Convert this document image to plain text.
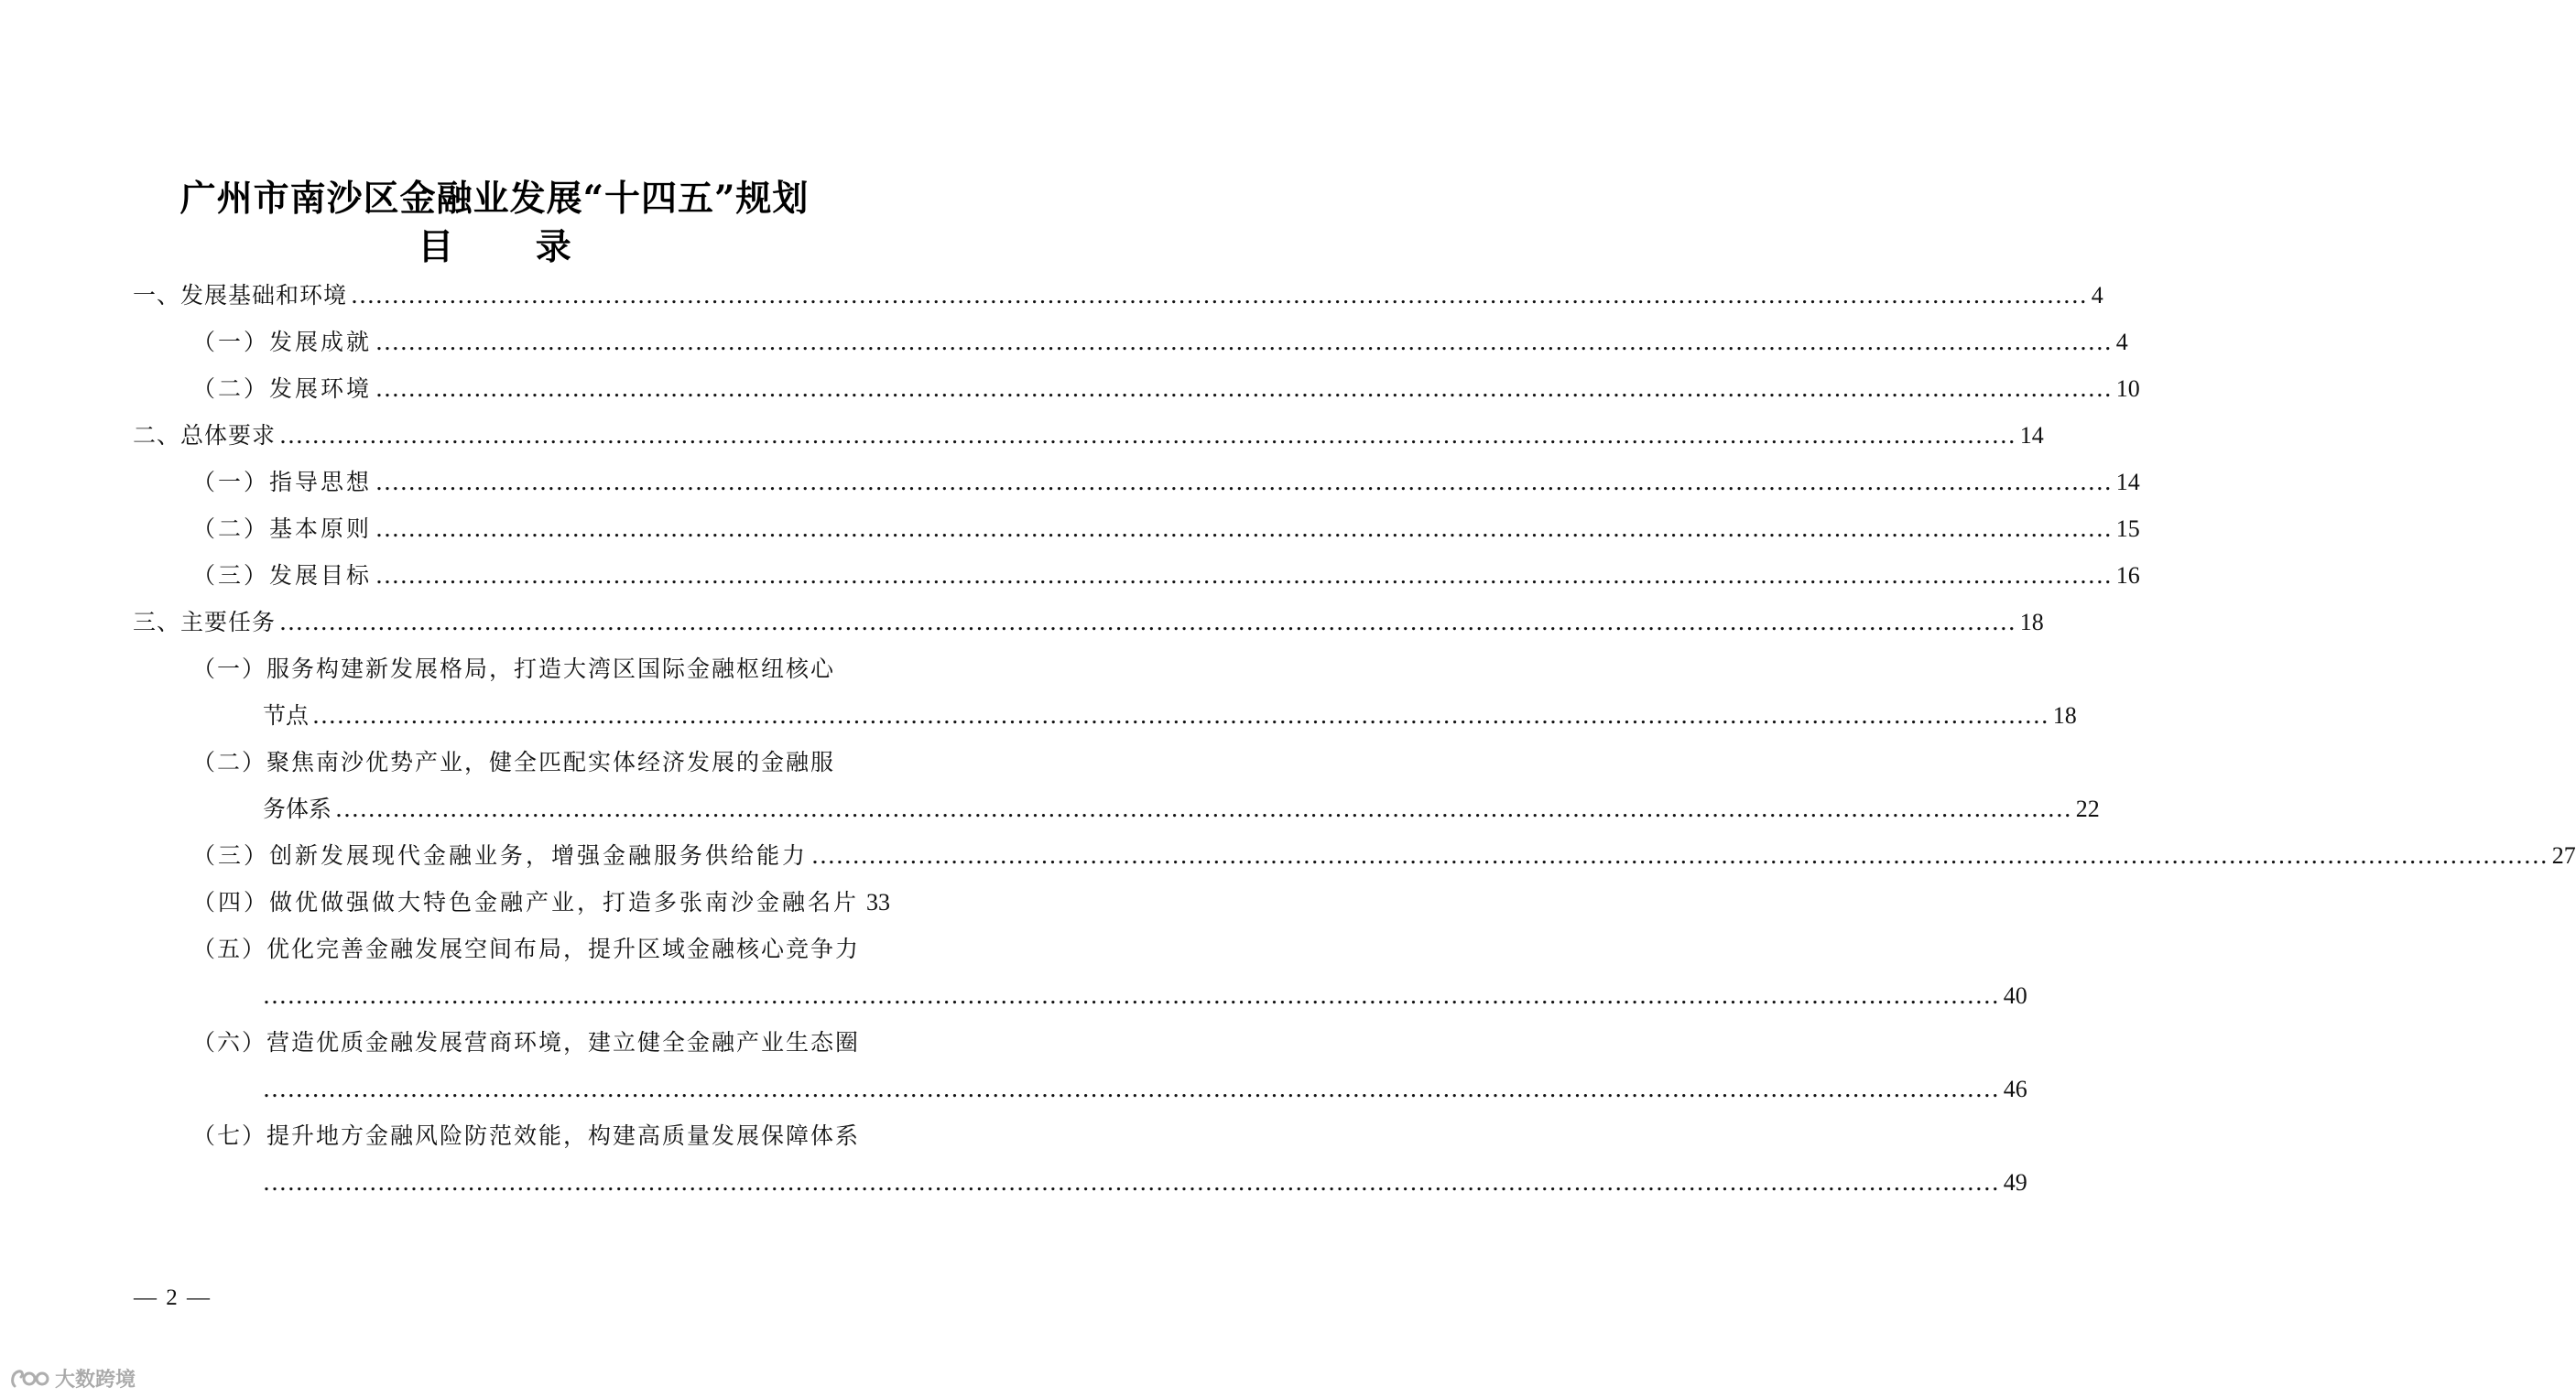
广州市南沙区金融业发展“十四五”规划
目 录
一、发展基础和环境 .................................................................................................................................................................................................................... 4
（一）发展成就 .................................................................................................................................................................................................................... 4
（二）发展环境 .................................................................................................................................................................................................................... 10
二、总体要求 .................................................................................................................................................................................................................... 14
（一）指导思想 .................................................................................................................................................................................................................... 14
（二）基本原则 .................................................................................................................................................................................................................... 15
（三）发展目标 .................................................................................................................................................................................................................... 16
三、主要任务 .................................................................................................................................................................................................................... 18
（一）服务构建新发展格局，打造大湾区国际金融枢纽核心
节点 .................................................................................................................................................................................................................... 18
（二）聚焦南沙优势产业，健全匹配实体经济发展的金融服
务体系 .................................................................................................................................................................................................................... 22
（三）创新发展现代金融业务，增强金融服务供给能力 .................................................................................................................................................................................................................... 27
（四）做优做强做大特色金融产业，打造多张南沙金融名片 33
（五）优化完善金融发展空间布局，提升区域金融核心竞争力
.................................................................................................................................................................................................................... 40
（六）营造优质金融发展营商环境，建立健全金融产业生态圈
.................................................................................................................................................................................................................... 46
（七）提升地方金融风险防范效能，构建高质量发展保障体系
.................................................................................................................................................................................................................... 49
— 2 —
大数跨境
